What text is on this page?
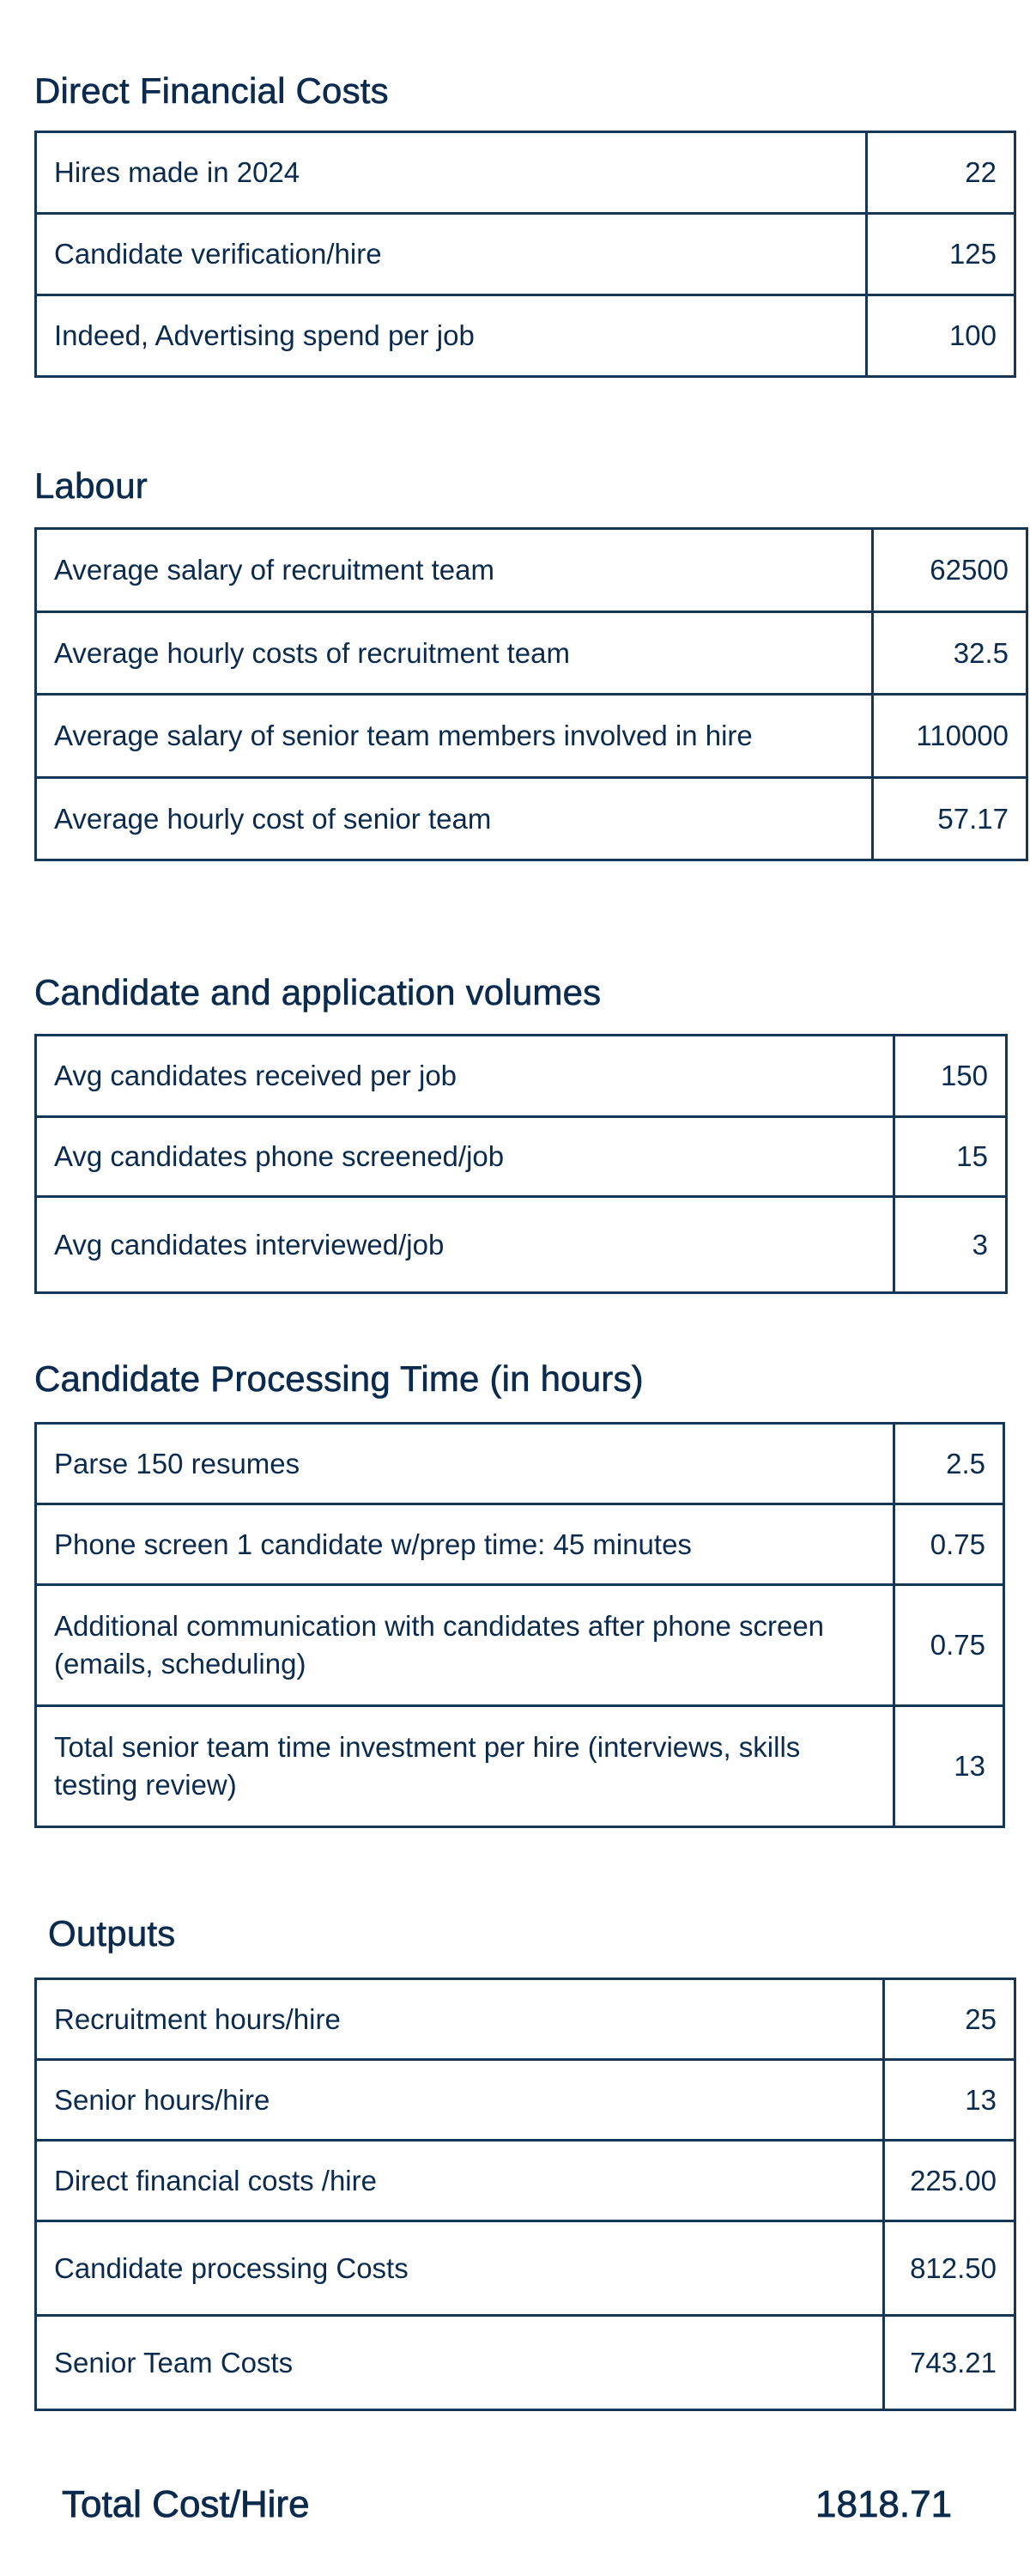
Direct Financial Costs
Hires made in 2024	22
Candidate verification/hire	125
Indeed, Advertising spend per job	100
Labour
Average salary of recruitment team	62500
Average hourly costs of recruitment team	32.5
Average salary of senior team members involved in hire	110000
Average hourly cost of senior team	57.17
Candidate and application volumes
Avg candidates received per job	150
Avg candidates phone screened/job	15
Avg candidates interviewed/job	3
Candidate Processing Time (in hours)
Parse 150 resumes	2.5
Phone screen 1 candidate w/prep time: 45 minutes	0.75
Additional communication with candidates after phone screen (emails, scheduling)	0.75
Total senior team time investment per hire (interviews, skills testing review)	13
Outputs
Recruitment hours/hire	25
Senior hours/hire	13
Direct financial costs /hire	225.00
Candidate processing Costs	812.50
Senior Team Costs	743.21
Total Cost/Hire	1818.71
